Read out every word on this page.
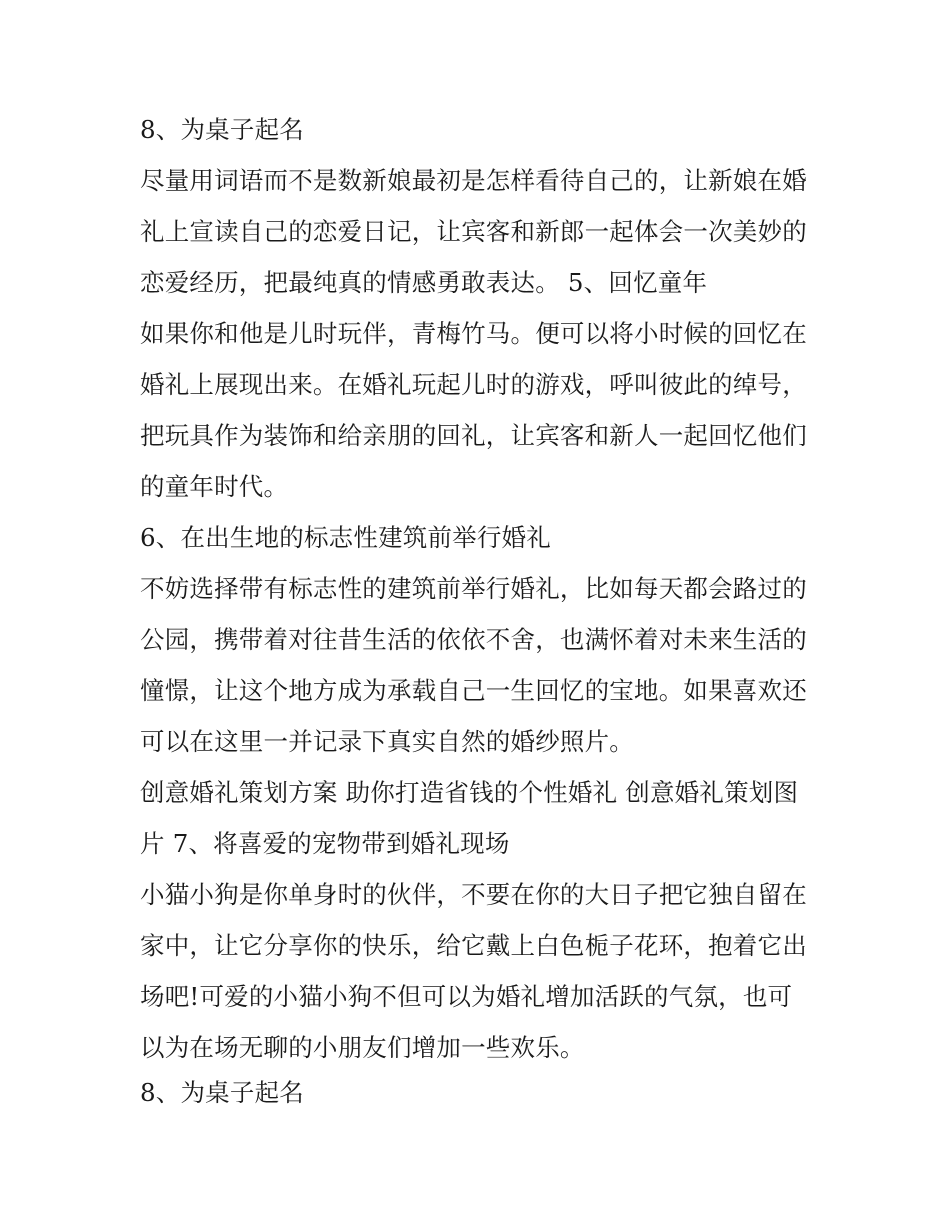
8、为桌子起名
尽量用词语而不是数新娘最初是怎样看待自己的，让新娘在婚
礼上宣读自己的恋爱日记，让宾客和新郎一起体会一次美妙的
恋爱经历，把最纯真的情感勇敢表达。 5、回忆童年
如果你和他是儿时玩伴，青梅竹马。便可以将小时候的回忆在
婚礼上展现出来。在婚礼玩起儿时的游戏，呼叫彼此的绰号，
把玩具作为装饰和给亲朋的回礼，让宾客和新人一起回忆他们
的童年时代。
6、在出生地的标志性建筑前举行婚礼
不妨选择带有标志性的建筑前举行婚礼，比如每天都会路过的
公园，携带着对往昔生活的依依不舍，也满怀着对未来生活的
憧憬，让这个地方成为承载自己一生回忆的宝地。如果喜欢还
可以在这里一并记录下真实自然的婚纱照片。
创意婚礼策划方案 助你打造省钱的个性婚礼 创意婚礼策划图
片 7、将喜爱的宠物带到婚礼现场
小猫小狗是你单身时的伙伴，不要在你的大日子把它独自留在
家中，让它分享你的快乐，给它戴上白色栀子花环，抱着它出
场吧!可爱的小猫小狗不但可以为婚礼增加活跃的气氛，也可
以为在场无聊的小朋友们增加一些欢乐。
8、为桌子起名
